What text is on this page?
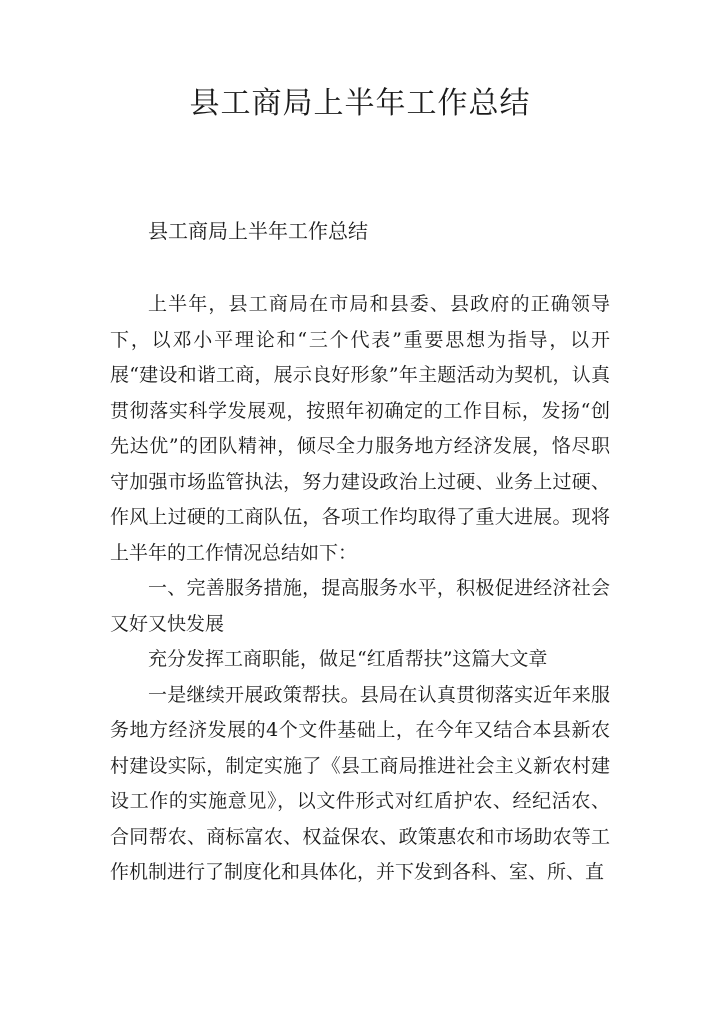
县工商局上半年工作总结
县工商局上半年工作总结

上半年，县工商局在市局和县委、县政府的正确领导下，以邓小平理论和“三个代表”重要思想为指导，以开展“建设和谐工商，展示良好形象”年主题活动为契机，认真贯彻落实科学发展观，按照年初确定的工作目标，发扬“创先达优”的团队精神，倾尽全力服务地方经济发展，恪尽职守加强市场监管执法，努力建设政治上过硬、业务上过硬、作风上过硬的工商队伍，各项工作均取得了重大进展。现将上半年的工作情况总结如下：

一、完善服务措施，提高服务水平，积极促进经济社会又好又快发展

充分发挥工商职能，做足“红盾帮扶”这篇大文章

一是继续开展政策帮扶。县局在认真贯彻落实近年来服务地方经济发展的4个文件基础上，在今年又结合本县新农村建设实际，制定实施了《县工商局推进社会主义新农村建设工作的实施意见》，以文件形式对红盾护农、经纪活农、合同帮农、商标富农、权益保农、政策惠农和市场助农等工作机制进行了制度化和具体化，并下发到各科、室、所、直
